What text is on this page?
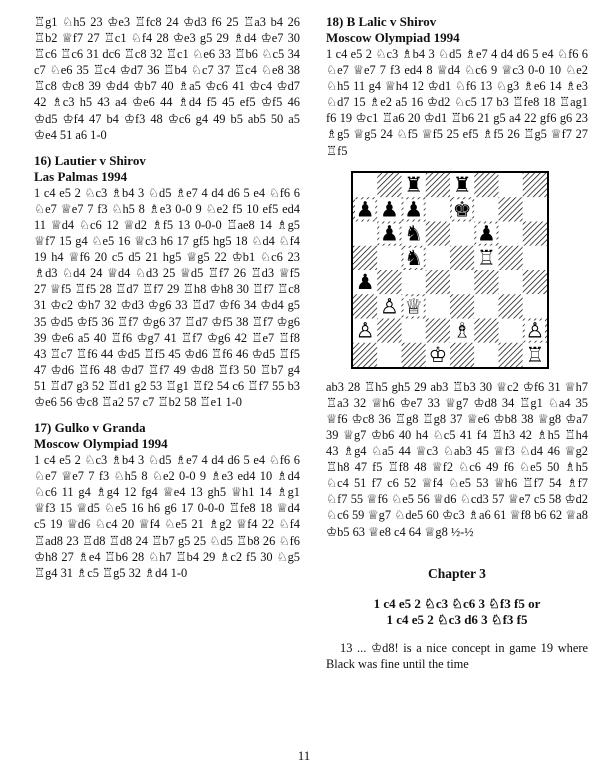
♖g1 ♘h5 23 ♔e3 ♖fc8 24 ♔d3 f6 25 ♖a3 b4 26 ♖b2 ♕f7 27 ♖c1 ♘f4 28 ♔e3 g5 29 ♗d4 ♔e7 30 ♖c6 ♖c6 31 dc6 ♖c8 32 ♖c1 ♘e6 33 ♖b6 ♘c5 34 c7 ♘e6 35 ♖c4 ♔d7 36 ♖b4 ♘c7 37 ♖c4 ♘e8 38 ♖c8 ♔c8 39 ♔d4 ♔b7 40 ♗a5 ♔c6 41 ♔c4 ♔d7 42 ♗c3 h5 43 a4 ♔e6 44 ♗d4 f5 45 ef5 ♔f5 46 ♔d5 ♔f4 47 b4 ♔f3 48 ♔c6 g4 49 b5 ab5 50 a5 ♔e4 51 a6 1-0

16) Lautier v Shirov
Las Palmas 1994

1 c4 e5 2 ♘c3 ♗b4 3 ♘d5 ♗e7 4 d4 d6 5 e4 ♘f6 6 ♘e7 ♕e7 7 f3 ♘h5 8 ♗e3 0-0 9 ♘e2 f5 10 ef5 ed4 11 ♕d4 ♘c6 12 ♕d2 ♗f5 13 0-0-0 ♖ae8 14 ♗g5 ♕f7 15 g4 ♘e5 16 ♕c3 h6 17 gf5 hg5 18 ♘d4 ♘f4 19 h4 ♕f6 20 c5 d5 21 hg5 ♕g5 22 ♔b1 ♘c6 23 ♗d3 ♘d4 24 ♕d4 ♘d3 25 ♕d5 ♖f7 26 ♖d3 ♕f5 27 ♕f5 ♖f5 28 ♖d7 ♖f7 29 ♖h8 ♔h8 30 ♖f7 ♖c8 31 ♔c2 ♔h7 32 ♔d3 ♔g6 33 ♖d7 ♔f6 34 ♔d4 g5 35 ♔d5 ♔f5 36 ♖f7 ♔g6 37 ♖d7 ♔f5 38 ♖f7 ♔g6 39 ♔e6 a5 40 ♖f6 ♔g7 41 ♖f7 ♔g6 42 ♖e7 ♖f8 43 ♖c7 ♖f6 44 ♔d5 ♖f5 45 ♔d6 ♖f6 46 ♔d5 ♖f5 47 ♔d6 ♖f6 48 ♔d7 ♖f7 49 ♔d8 ♖f3 50 ♖b7 g4 51 ♖d7 g3 52 ♖d1 g2 53 ♖g1 ♖f2 54 c6 ♖f7 55 b3 ♔e6 56 ♔c8 ♖a2 57 c7 ♖b2 58 ♖e1 1-0

17) Gulko v Granda
Moscow Olympiad 1994

1 c4 e5 2 ♘c3 ♗b4 3 ♘d5 ♗e7 4 d4 d6 5 e4 ♘f6 6 ♘e7 ♕e7 7 f3 ♘h5 8 ♘e2 0-0 9 ♗e3 ed4 10 ♗d4 ♘c6 11 g4 ♗g4 12 fg4 ♕e4 13 gh5 ♕h1 14 ♗g1 ♕f3 15 ♕d5 ♘e5 16 h6 g6 17 0-0-0 ♖fe8 18 ♕d4 c5 19 ♕d6 ♘c4 20 ♕f4 ♘e5 21 ♗g2 ♕f4 22 ♘f4 ♖ad8 23 ♖d8 ♖d8 24 ♖b7 g5 25 ♘d5 ♖b8 26 ♘f6 ♔h8 27 ♗e4 ♖b6 28 ♘h7 ♖b4 29 ♗c2 f5 30 ♘g5 ♖g4 31 ♗c5 ♖g5 32 ♗d4 1-0

18) B Lalic v Shirov
Moscow Olympiad 1994

1 c4 e5 2 ♘c3 ♗b4 3 ♘d5 ♗e7 4 d4 d6 5 e4 ♘f6 6 ♘e7 ♕e7 7 f3 ed4 8 ♕d4 ♘c6 9 ♕c3 0-0 10 ♘e2 ♘h5 11 g4 ♕h4 12 ♔d1 ♘f6 13 ♘g3 ♗e6 14 ♗e3 ♘d7 15 ♗e2 a5 16 ♔d2 ♘c5 17 b3 ♖fe8 18 ♖ag1 f6 19 ♔c1 ♖a6 20 ♔d1 ♖b6 21 g5 a4 22 gf6 g6 23 ♗g5 ♕g5 24 ♘f5 ♕f5 25 ef5 ♗f5 26 ♖g5 ♕f7 27 ♖f5

♜ ♜
♟ ♟ ♟ ♚
♟ ♞	♟
♞	♖
♟
♙ ♕
♙	♙
♔
♗
♖

ab3 28 ♖h5 gh5 29 ab3 ♖b3 30 ♕c2 ♔f6 31 ♕h7 ♖a3 32 ♕h6 ♔e7 33 ♕g7 ♔d8 34 ♖g1 ♘a4 35 ♕f6 ♔c8 36 ♖g8 ♖g8 37 ♕e6 ♔b8 38 ♕g8 ♔a7 39 ♕g7 ♔b6 40 h4 ♘c5 41 f4 ♖h3 42 ♗h5 ♖h4 43 ♗g4 ♘a5 44 ♕c3 ♘ab3 45 ♕f3 ♘d4 46 ♕g2 ♖h8 47 f5 ♖f8 48 ♕f2 ♘c6 49 f6 ♘e5 50 ♗h5 ♘c4 51 f7 c6 52 ♕f4 ♘e5 53 ♕h6 ♖f7 54 ♗f7 ♘f7 55 ♕f6 ♘e5 56 ♕d6 ♘cd3 57 ♕e7 c5 58 ♔d2 ♘c6 59 ♕g7 ♘de5 60 ♔c3 ♗a6 61 ♕f8 b6 62 ♕a8 ♔b5 63 ♕e8 c4 64 ♕g8 ½-½

Chapter 3
1 c4 e5 2 ♘c3 ♘c6 3 ♘f3 f5 or
1 c4 e5 2 ♘c3 d6 3 ♘f3 f5

13 ... ♔d8! is a nice concept in game 19 where Black was fine until the time

11
